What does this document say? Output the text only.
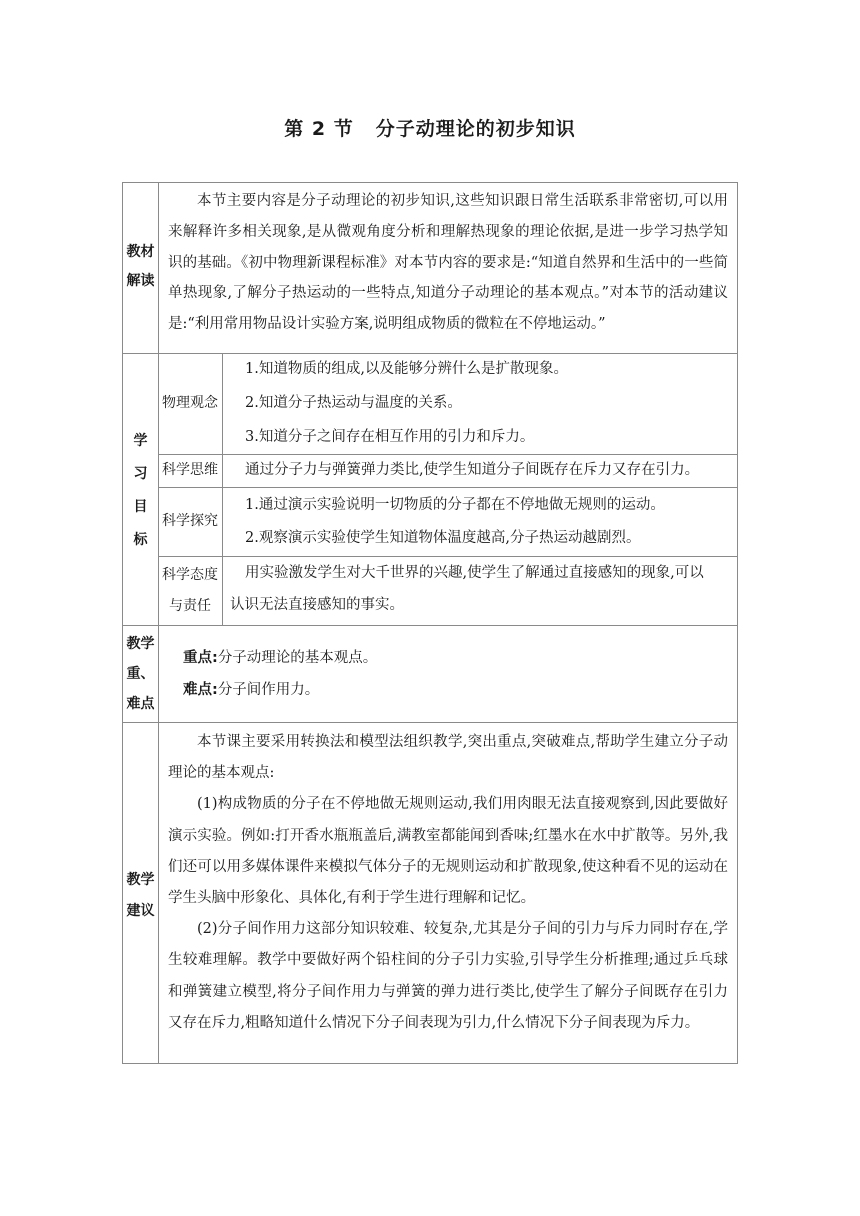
第 2 节 分子动理论的初步知识
教材
解读

本节主要内容是分子动理论的初步知识,这些知识跟日常生活联系非常密切,可以用来解释许多相关现象,是从微观角度分析和理解热现象的理论依据,是进一步学习热学知识的基础。《初中物理新课程标准》对本节内容的要求是:“知道自然界和生活中的一些简单热现象,了解分子热运动的一些特点,知道分子动理论的基本观点。”对本节的活动建议是:“利用常用物品设计实验方案,说明组成物质的微粒在不停地运动。”

学
习
目
标
物理观念
1.知道物质的组成,以及能够分辨什么是扩散现象。
2.知道分子热运动与温度的关系。
3.知道分子之间存在相互作用的引力和斥力。
科学思维 通过分子力与弹簧弹力类比,使学生知道分子间既存在斥力又存在引力。
科学探究
1.通过演示实验说明一切物质的分子都在不停地做无规则的运动。
2.观察演示实验使学生知道物体温度越高,分子热运动越剧烈。
科学态度
与责任
用实验激发学生对大千世界的兴趣,使学生了解通过直接感知的现象,可以
认识无法直接感知的事实。
教学
重、
难点
重点:分子动理论的基本观点。
难点:分子间作用力。
教学
建议

本节课主要采用转换法和模型法组织教学,突出重点,突破难点,帮助学生建立分子动理论的基本观点:

(1)构成物质的分子在不停地做无规则运动,我们用肉眼无法直接观察到,因此要做好演示实验。例如:打开香水瓶瓶盖后,满教室都能闻到香味;红墨水在水中扩散等。另外,我们还可以用多媒体课件来模拟气体分子的无规则运动和扩散现象,使这种看不见的运动在学生头脑中形象化、具体化,有利于学生进行理解和记忆。

(2)分子间作用力这部分知识较难、较复杂,尤其是分子间的引力与斥力同时存在,学生较难理解。教学中要做好两个铅柱间的分子引力实验,引导学生分析推理;通过乒乓球和弹簧建立模型,将分子间作用力与弹簧的弹力进行类比,使学生了解分子间既存在引力又存在斥力,粗略知道什么情况下分子间表现为引力,什么情况下分子间表现为斥力。
